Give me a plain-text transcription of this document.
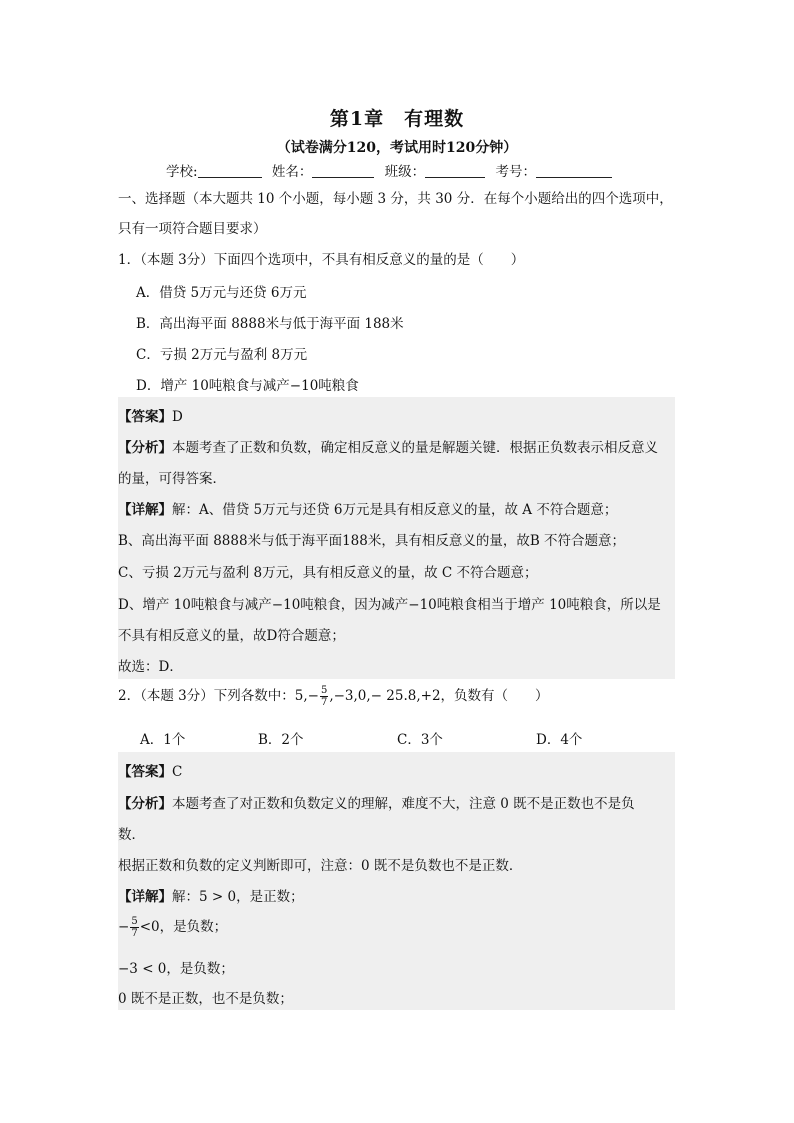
第1章　有理数
（试卷满分120，考试用时120分钟）
学校:	姓名：	班级：	考号：
一、选择题（本大题共 10 个小题，每小题 3 分，共 30 分．在每个小题给出的四个选项中，
只有一项符合题目要求）
1．（本题 3分）下面四个选项中，不具有相反意义的量的是（　　）
A．借贷 5万元与还贷 6万元
B．高出海平面 8888米与低于海平面 188米
C．亏损 2万元与盈利 8万元
D．增产 10吨粮食与减产−10吨粮食
【答案】D
【分析】本题考查了正数和负数，确定相反意义的量是解题关键．根据正负数表示相反意义
的量，可得答案．
【详解】解：A、借贷 5万元与还贷 6万元是具有相反意义的量，故 A 不符合题意；
B、高出海平面 8888米与低于海平面188米，具有相反意义的量，故B 不符合题意；
C、亏损 2万元与盈利 8万元，具有相反意义的量，故 C 不符合题意；
D、增产 10吨粮食与减产−10吨粮食，因为减产−10吨粮食相当于增产 10吨粮食，所以是
不具有相反意义的量，故D符合题意；
故选：D．
2．（本题 3分）下列各数中：$5,- \frac{5}{7} ,-3,0,- 25.8,+2$，负数有（　　）
A．1个	B．2个	C．3个	D．4个
【答案】C
【分析】本题考查了对正数和负数定义的理解，难度不大，注意 0 既不是正数也不是负
数．
根据正数和负数的定义判断即可，注意：0 既不是负数也不是正数．
【详解】解：5 > 0，是正数；
− $\frac{5}{7} <0$，是负数；
−3 < 0，是负数；
0 既不是正数，也不是负数；
